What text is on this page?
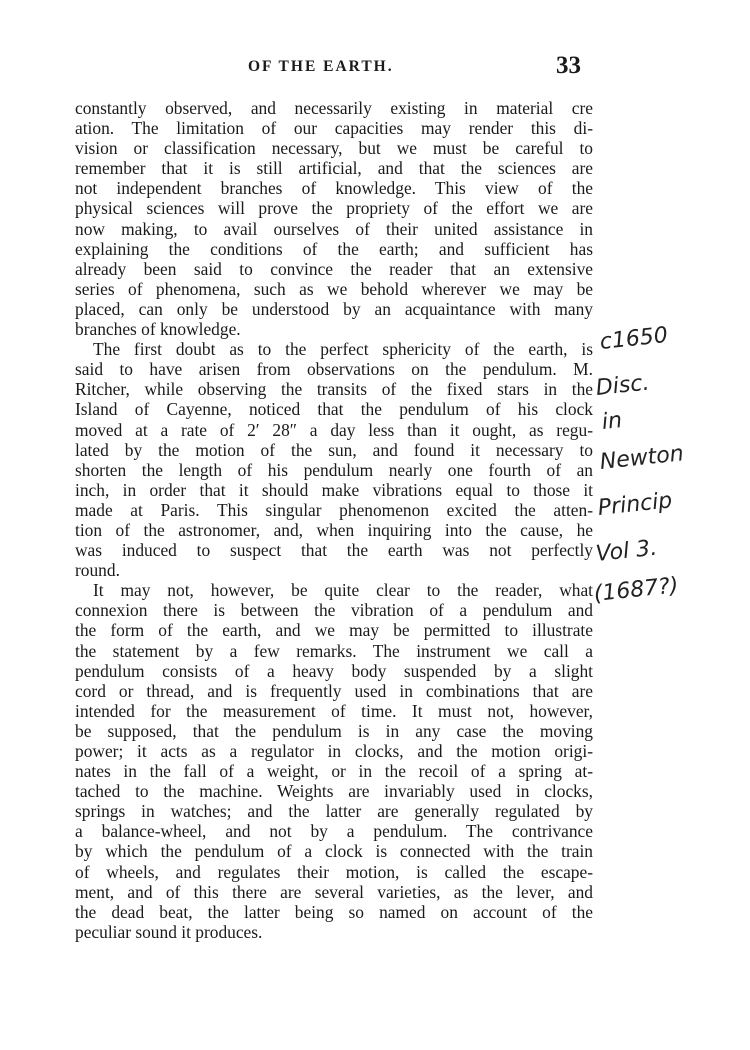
OF THE EARTH.	33
constantly observed, and necessarily existing in material cre
ation. The limitation of our capacities may render this di-
vision or classification necessary, but we must be careful to
remember that it is still artificial, and that the sciences are
not independent branches of knowledge. This view of the
physical sciences will prove the propriety of the effort we are
now making, to avail ourselves of their united assistance in
explaining the conditions of the earth; and sufficient has
already been said to convince the reader that an extensive
series of phenomena, such as we behold wherever we may be
placed, can only be understood by an acquaintance with many
branches of knowledge.
The first doubt as to the perfect sphericity of the earth, is
said to have arisen from observations on the pendulum. M.
Ritcher, while observing the transits of the fixed stars in the
Island of Cayenne, noticed that the pendulum of his clock
moved at a rate of 2′ 28″ a day less than it ought, as regu-
lated by the motion of the sun, and found it necessary to
shorten the length of his pendulum nearly one fourth of an
inch, in order that it should make vibrations equal to those it
made at Paris. This singular phenomenon excited the atten-
tion of the astronomer, and, when inquiring into the cause, he
was induced to suspect that the earth was not perfectly
round.
It may not, however, be quite clear to the reader, what
connexion there is between the vibration of a pendulum and
the form of the earth, and we may be permitted to illustrate
the statement by a few remarks. The instrument we call a
pendulum consists of a heavy body suspended by a slight
cord or thread, and is frequently used in combinations that are
intended for the measurement of time. It must not, however,
be supposed, that the pendulum is in any case the moving
power; it acts as a regulator in clocks, and the motion origi-
nates in the fall of a weight, or in the recoil of a spring at-
tached to the machine. Weights are invariably used in clocks,
springs in watches; and the latter are generally regulated by
a balance-wheel, and not by a pendulum. The contrivance
by which the pendulum of a clock is connected with the train
of wheels, and regulates their motion, is called the escape-
ment, and of this there are several varieties, as the lever, and
the dead beat, the latter being so named on account of the
peculiar sound it produces.
c1650
Disc.
in
Newton
Princip
Vol 3.
(1687?)
